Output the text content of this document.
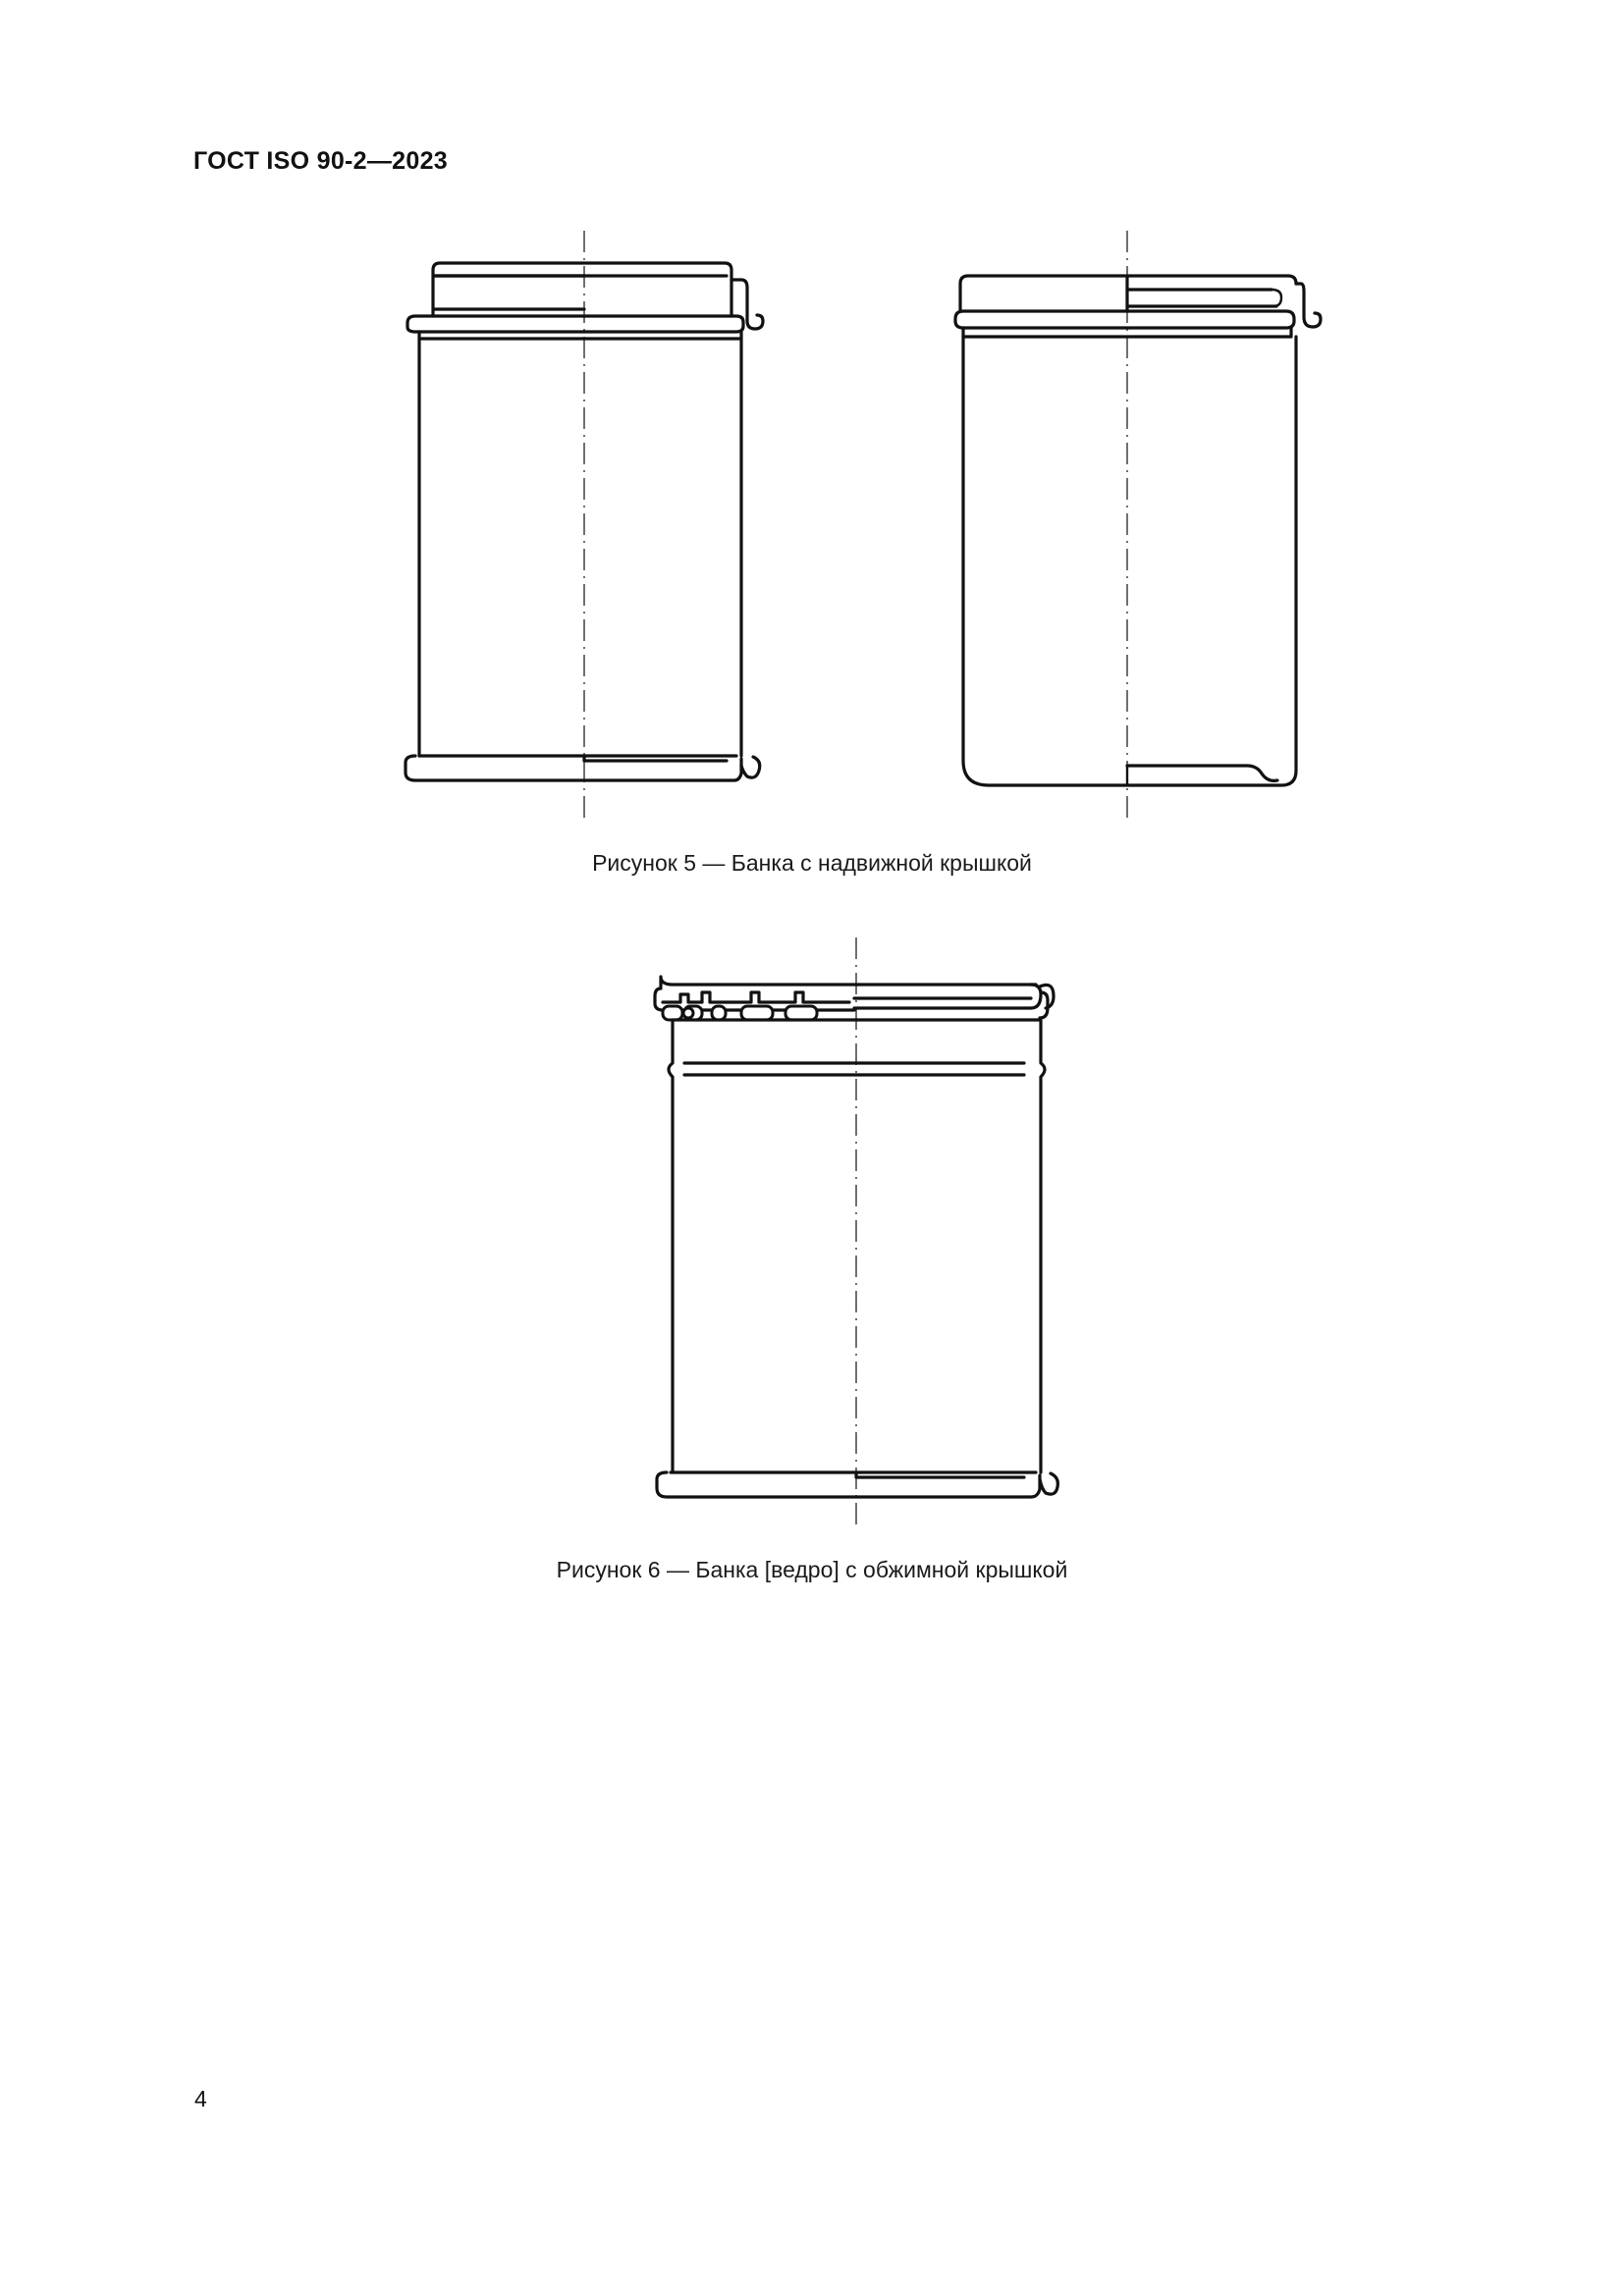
ГОСТ ISO 90-2—2023
Рисунок 5 — Банка с надвижной крышкой
Рисунок 6 — Банка [ведро] с обжимной крышкой
4
